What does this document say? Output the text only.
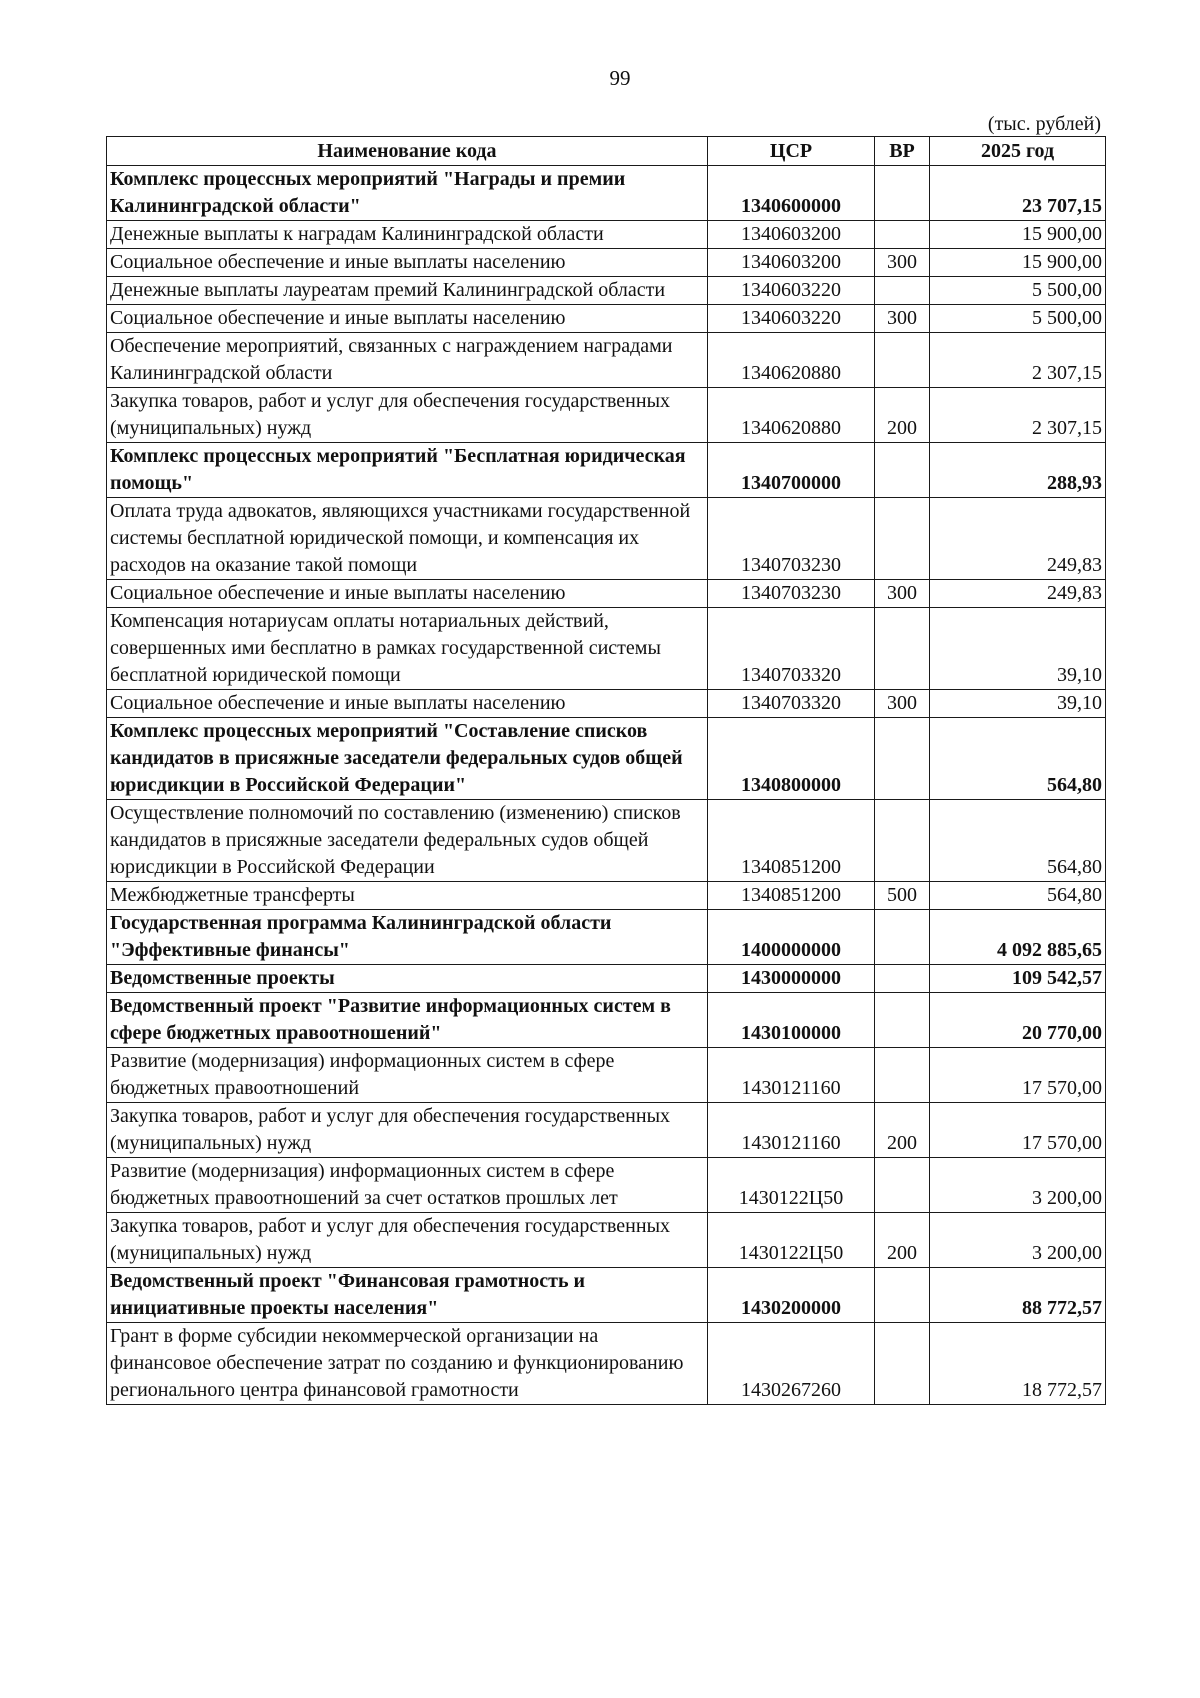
99
(тыс. рублей)
Наименование кода	ЦСР	ВР	2025 год
Комплекс процессных мероприятий "Награды и премии Калининградской области"	1340600000		23 707,15
Денежные выплаты к наградам Калининградской области	1340603200		15 900,00
Социальное обеспечение и иные выплаты населению	1340603200	300	15 900,00
Денежные выплаты лауреатам премий Калининградской области	1340603220		5 500,00
Социальное обеспечение и иные выплаты населению	1340603220	300	5 500,00
Обеспечение мероприятий, связанных с награждением наградами Калининградской области	1340620880		2 307,15
Закупка товаров, работ и услуг для обеспечения государственных (муниципальных) нужд	1340620880	200	2 307,15
Комплекс процессных мероприятий "Бесплатная юридическая помощь"	1340700000		288,93
Оплата труда адвокатов, являющихся участниками государственной системы бесплатной юридической помощи, и компенсация их расходов на оказание такой помощи	1340703230		249,83
Социальное обеспечение и иные выплаты населению	1340703230	300	249,83
Компенсация нотариусам оплаты нотариальных действий, совершенных ими бесплатно в рамках государственной системы бесплатной юридической помощи	1340703320		39,10
Социальное обеспечение и иные выплаты населению	1340703320	300	39,10
Комплекс процессных мероприятий "Составление списков кандидатов в присяжные заседатели федеральных судов общей юрисдикции в Российской Федерации"	1340800000		564,80
Осуществление полномочий по составлению (изменению) списков кандидатов в присяжные заседатели федеральных судов общей юрисдикции в Российской Федерации	1340851200		564,80
Межбюджетные трансферты	1340851200	500	564,80
Государственная программа Калининградской области "Эффективные финансы"	1400000000		4 092 885,65
Ведомственные проекты	1430000000		109 542,57
Ведомственный проект "Развитие информационных систем в сфере бюджетных правоотношений"	1430100000		20 770,00
Развитие (модернизация) информационных систем в сфере бюджетных правоотношений	1430121160		17 570,00
Закупка товаров, работ и услуг для обеспечения государственных (муниципальных) нужд	1430121160	200	17 570,00
Развитие (модернизация) информационных систем в сфере бюджетных правоотношений за счет остатков прошлых лет	1430122Ц50		3 200,00
Закупка товаров, работ и услуг для обеспечения государственных (муниципальных) нужд	1430122Ц50	200	3 200,00
Ведомственный проект "Финансовая грамотность и инициативные проекты населения"	1430200000		88 772,57
Грант в форме субсидии некоммерческой организации на финансовое обеспечение затрат по созданию и функционированию регионального центра финансовой грамотности	1430267260		18 772,57
